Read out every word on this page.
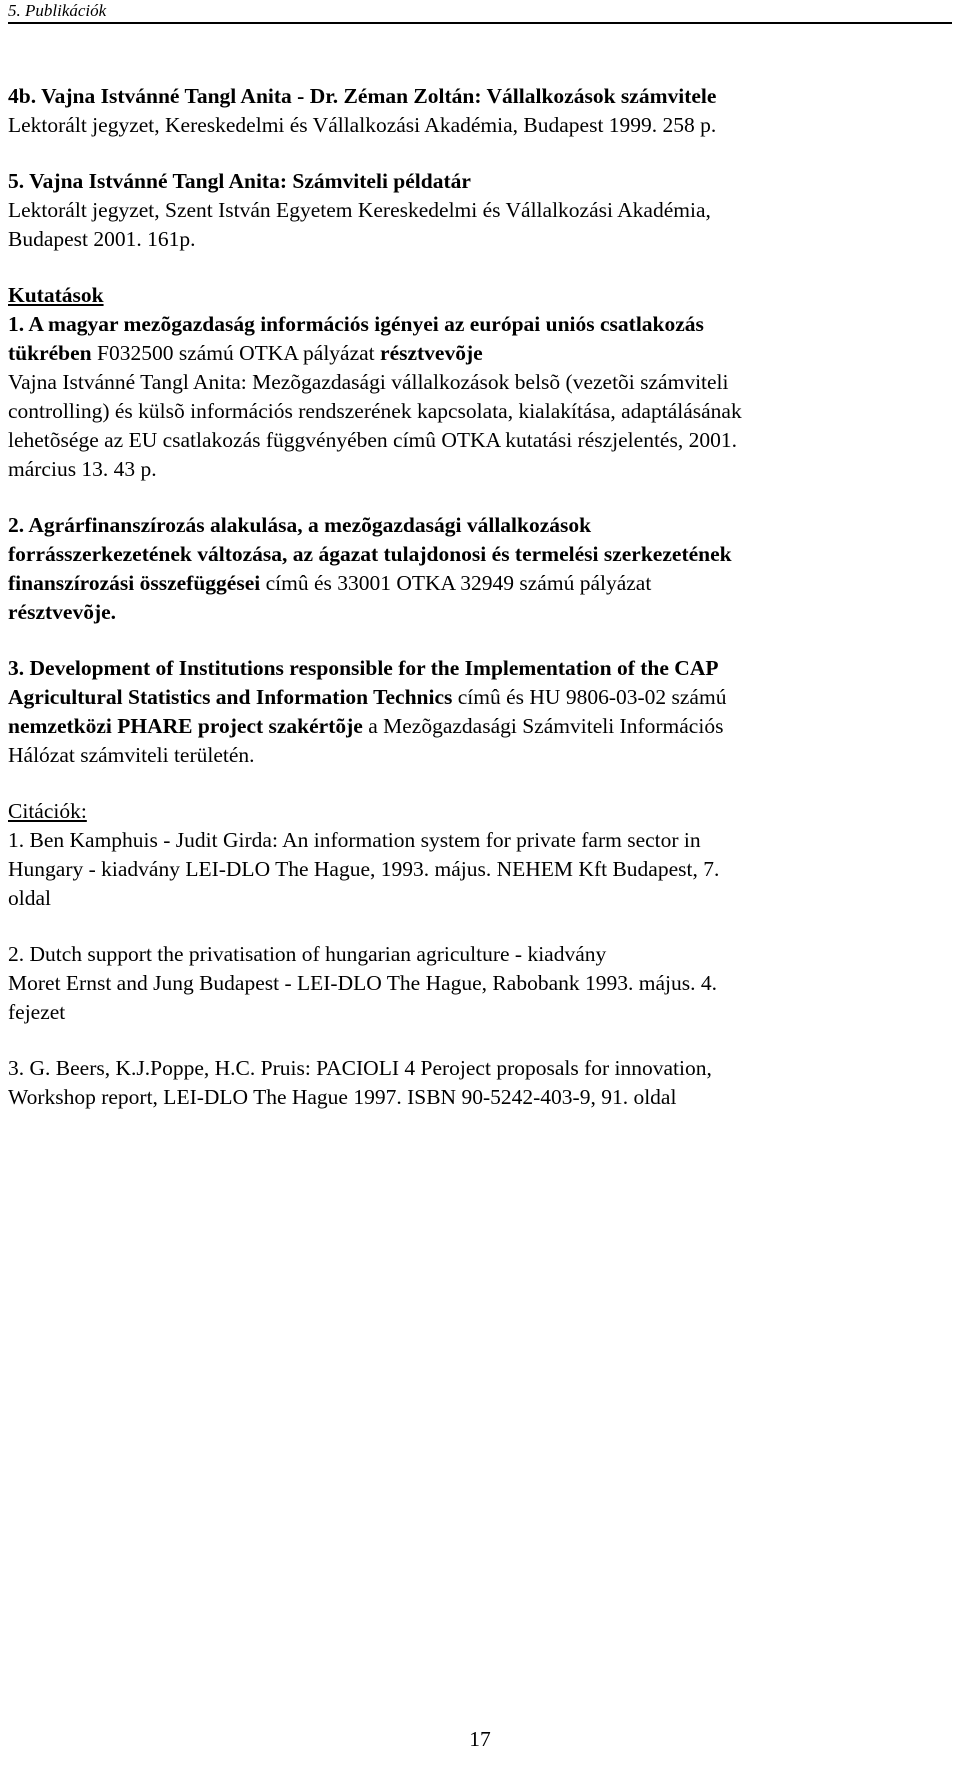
5. Publikációk

4b. Vajna Istvánné Tangl Anita - Dr. Zéman Zoltán: Vállalkozások számvitele
Lektorált jegyzet, Kereskedelmi és Vállalkozási Akadémia, Budapest 1999. 258 p.

5. Vajna Istvánné Tangl Anita: Számviteli példatár
Lektorált jegyzet, Szent István Egyetem Kereskedelmi és Vállalkozási Akadémia,
Budapest 2001. 161p.

Kutatások
1. A magyar mezõgazdaság információs igényei az európai uniós csatlakozás
tükrében F032500 számú OTKA pályázat résztvevõje
Vajna Istvánné Tangl Anita: Mezõgazdasági vállalkozások belsõ (vezetõi számviteli
controlling) és külsõ információs rendszerének kapcsolata, kialakítása, adaptálásának
lehetõsége az EU csatlakozás függvényében címû OTKA kutatási részjelentés, 2001.
március 13. 43 p.

2. Agrárfinanszírozás alakulása, a mezõgazdasági vállalkozások
forrásszerkezetének változása, az ágazat tulajdonosi és termelési szerkezetének
finanszírozási összefüggései címû és 33001 OTKA 32949 számú pályázat
résztvevõje.

3. Development of Institutions responsible for the Implementation of the CAP
Agricultural Statistics and Information Technics címû és HU 9806-03-02 számú
nemzetközi PHARE project szakértõje a Mezõgazdasági Számviteli Információs
Hálózat számviteli területén.

Citációk:
1. Ben Kamphuis - Judit Girda: An information system for private farm sector in
Hungary - kiadvány LEI-DLO The Hague, 1993. május. NEHEM Kft Budapest, 7.
oldal

2. Dutch support the privatisation of hungarian agriculture - kiadvány
Moret Ernst and Jung Budapest - LEI-DLO The Hague, Rabobank 1993. május. 4.
fejezet

3. G. Beers, K.J.Poppe, H.C. Pruis: PACIOLI 4 Peroject proposals for innovation,
Workshop report, LEI-DLO The Hague 1997. ISBN 90-5242-403-9, 91. oldal

17
